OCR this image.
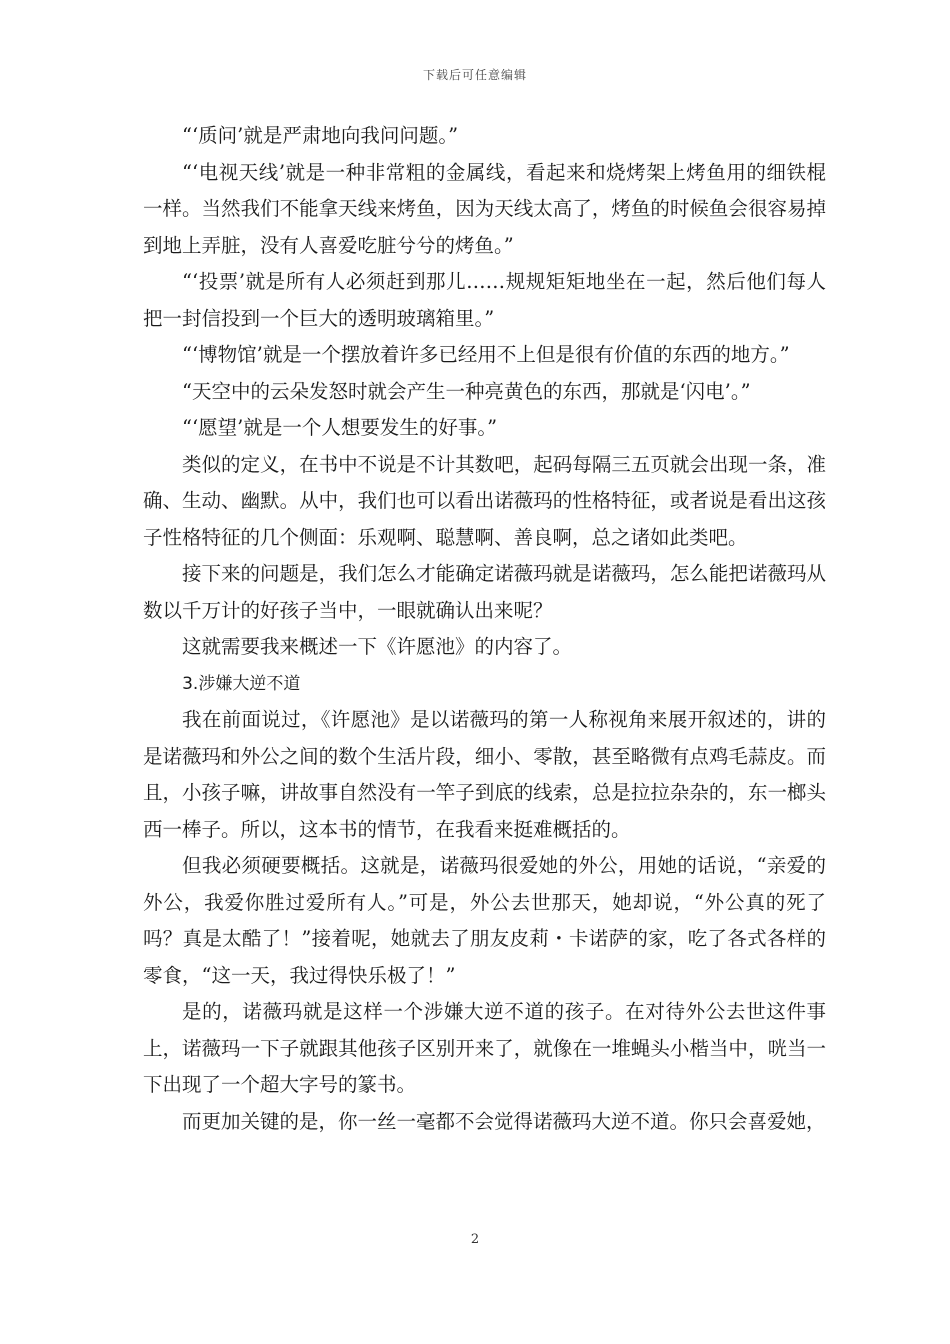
下载后可任意编辑

“‘质问’就是严肃地向我问问题。”

“‘电视天线’就是一种非常粗的金属线，看起来和烧烤架上烤鱼用的细铁棍一样。当然我们不能拿天线来烤鱼，因为天线太高了，烤鱼的时候鱼会很容易掉到地上弄脏，没有人喜爱吃脏兮兮的烤鱼。”

“‘投票’就是所有人必须赶到那儿……规规矩矩地坐在一起，然后他们每人把一封信投到一个巨大的透明玻璃箱里。”

“‘博物馆’就是一个摆放着许多已经用不上但是很有价值的东西的地方。”

“天空中的云朵发怒时就会产生一种亮黄色的东西，那就是‘闪电’。”

“‘愿望’就是一个人想要发生的好事。”

类似的定义，在书中不说是不计其数吧，起码每隔三五页就会出现一条，准确、生动、幽默。从中，我们也可以看出诺薇玛的性格特征，或者说是看出这孩子性格特征的几个侧面：乐观啊、聪慧啊、善良啊，总之诸如此类吧。

接下来的问题是，我们怎么才能确定诺薇玛就是诺薇玛，怎么能把诺薇玛从数以千万计的好孩子当中，一眼就确认出来呢？

这就需要我来概述一下《许愿池》的内容了。

3.涉嫌大逆不道

我在前面说过，《许愿池》是以诺薇玛的第一人称视角来展开叙述的，讲的是诺薇玛和外公之间的数个生活片段，细小、零散，甚至略微有点鸡毛蒜皮。而且，小孩子嘛，讲故事自然没有一竿子到底的线索，总是拉拉杂杂的，东一榔头西一棒子。所以，这本书的情节，在我看来挺难概括的。

但我必须硬要概括。这就是，诺薇玛很爱她的外公，用她的话说，“亲爱的外公，我爱你胜过爱所有人。”可是，外公去世那天，她却说，“外公真的死了吗？真是太酷了！”接着呢，她就去了朋友皮莉・卡诺萨的家，吃了各式各样的零食，“这一天，我过得快乐极了！”

是的，诺薇玛就是这样一个涉嫌大逆不道的孩子。在对待外公去世这件事上，诺薇玛一下子就跟其他孩子区别开来了，就像在一堆蝇头小楷当中，咣当一下出现了一个超大字号的篆书。

而更加关键的是，你一丝一毫都不会觉得诺薇玛大逆不道。你只会喜爱她，

2
